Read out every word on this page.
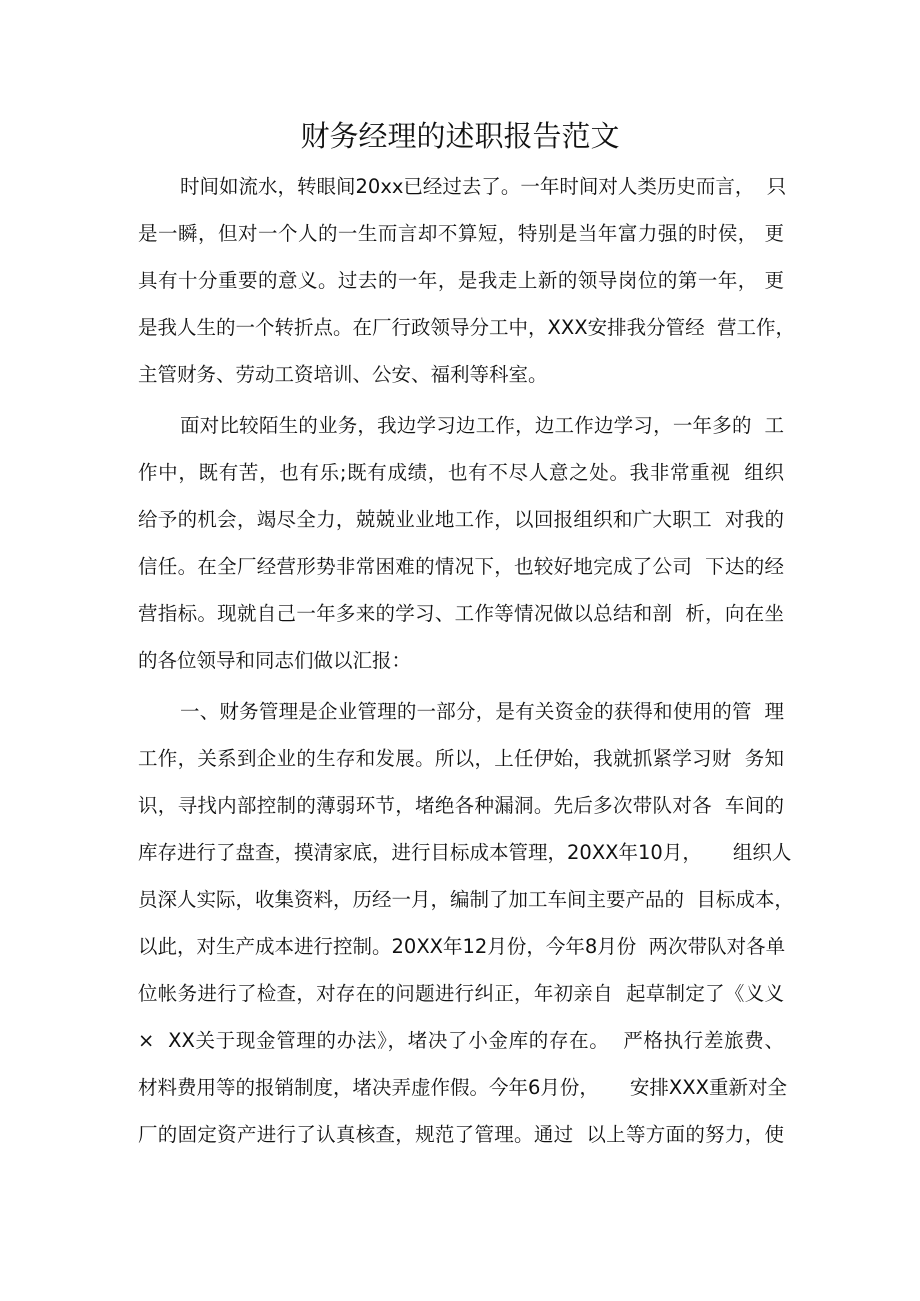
财务经理的述职报告范文

时间如流水，转眼间20xx已经过去了。一年时间对人类历史而言，  只

是一瞬，但对一个人的一生而言却不算短，特别是当年富力强的时侯， 更

具有十分重要的意义。过去的一年，是我走上新的领导岗位的第一年， 更

是我人生的一个转折点。在厂行政领导分工中，XXX安排我分管经  营工作，

主管财务、劳动工资培训、公安、福利等科室。

面对比较陌生的业务，我边学习边工作，边工作边学习，一年多的  工

作中，既有苦，也有乐;既有成绩，也有不尽人意之处。我非常重视  组织

给予的机会，竭尽全力，兢兢业业地工作，以回报组织和广大职工  对我的

信任。在全厂经营形势非常困难的情况下，也较好地完成了公司  下达的经

营指标。现就自己一年多来的学习、工作等情况做以总结和剖  析，向在坐

的各位领导和同志们做以汇报：

一、财务管理是企业管理的一部分，是有关资金的获得和使用的管  理

工作，关系到企业的生存和发展。所以，上任伊始，我就抓紧学习财  务知

识，寻找内部控制的薄弱环节，堵绝各种漏洞。先后多次带队对各  车间的

库存进行了盘查，摸清家底，进行目标成本管理，20XX年10月，     组织人

员深人实际，收集资料，历经一月，编制了加工车间主要产品的  目标成本，

以此，对生产成本进行控制。20XX年12月份，今年8月份  两次带队对各单

位帐务进行了检查，对存在的问题进行纠正，年初亲自  起草制定了《义义

×  XX关于现金管理的办法》，堵决了小金库的存在。  严格执行差旅费、

材料费用等的报销制度，堵决弄虚作假。今年6月份，     安排XXX重新对全

厂的固定资产进行了认真核查，规范了管理。通过  以上等方面的努力，使
